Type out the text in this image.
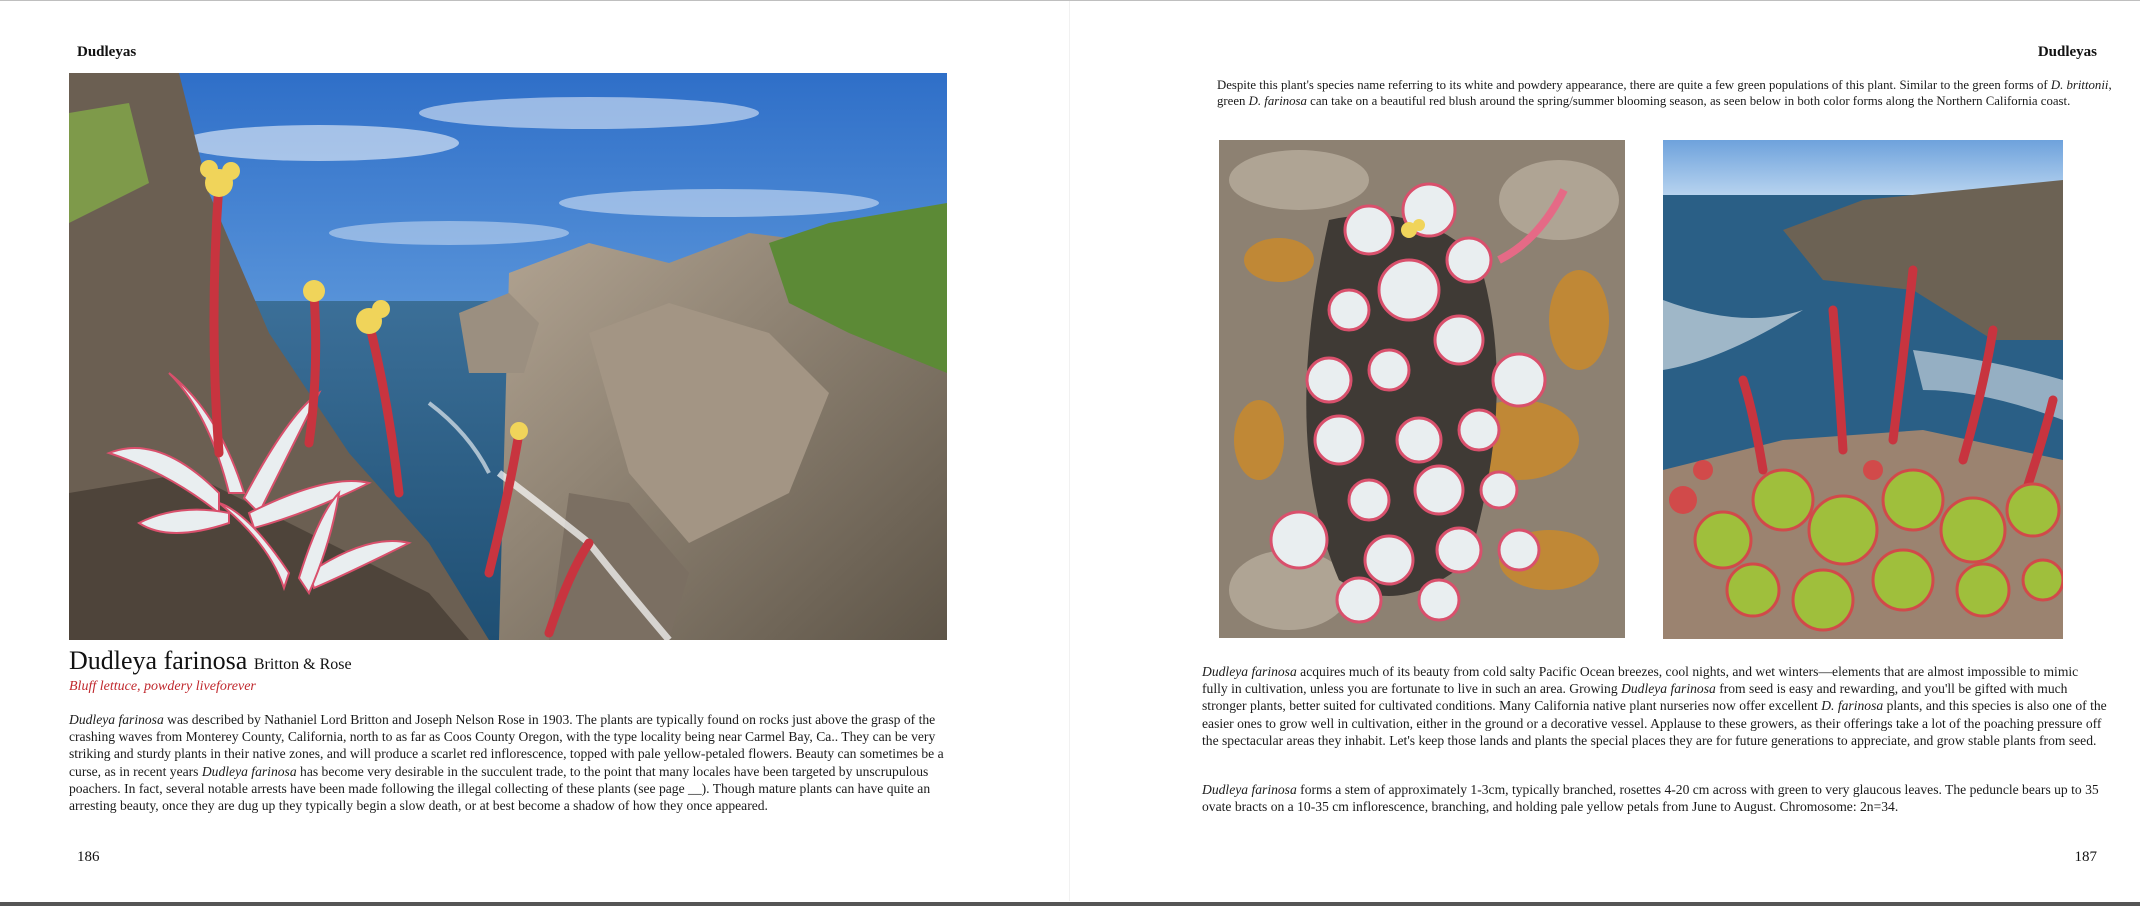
Dudleyas
Dudleya farinosa Britton & Rose
Bluff lettuce, powdery liveforever

Dudleya farinosa was described by Nathaniel Lord Britton and Joseph Nelson Rose in 1903. The plants are typically found on rocks just above the grasp of the crashing waves from Monterey County, California, north to as far as Coos County Oregon, with the type locality being near Carmel Bay, Ca.. They can be very striking and sturdy plants in their native zones, and will produce a scarlet red inflorescence, topped with pale yellow-petaled flowers. Beauty can sometimes be a curse, as in recent years Dudleya farinosa has become very desirable in the succulent trade, to the point that many locales have been targeted by unscrupulous poachers. In fact, several notable arrests have been made following the illegal collecting of these plants (see page __). Though mature plants can have quite an arresting beauty, once they are dug up they typically begin a slow death, or at best become a shadow of how they once appeared.

186
Dudleyas

Despite this plant's species name referring to its white and powdery appearance, there are quite a few green populations of this plant. Similar to the green forms of D. brittonii, green D. farinosa can take on a beautiful red blush around the spring/summer blooming season, as seen below in both color forms along the Northern California coast.

Dudleya farinosa acquires much of its beauty from cold salty Pacific Ocean breezes, cool nights, and wet winters—elements that are almost impossible to mimic fully in cultivation, unless you are fortunate to live in such an area. Growing Dudleya farinosa from seed is easy and rewarding, and you'll be gifted with much stronger plants, better suited for cultivated conditions. Many California native plant nurseries now offer excellent D. farinosa plants, and this species is also one of the easier ones to grow well in cultivation, either in the ground or a decorative vessel. Applause to these growers, as their offerings take a lot of the poaching pressure off the spectacular areas they inhabit. Let's keep those lands and plants the special places they are for future generations to appreciate, and grow stable plants from seed.

Dudleya farinosa forms a stem of approximately 1-3cm, typically branched, rosettes 4-20 cm across with green to very glaucous leaves. The peduncle bears up to 35 ovate bracts on a 10-35 cm inflorescence, branching, and holding pale yellow petals from June to August. Chromosome: 2n=34.

187
